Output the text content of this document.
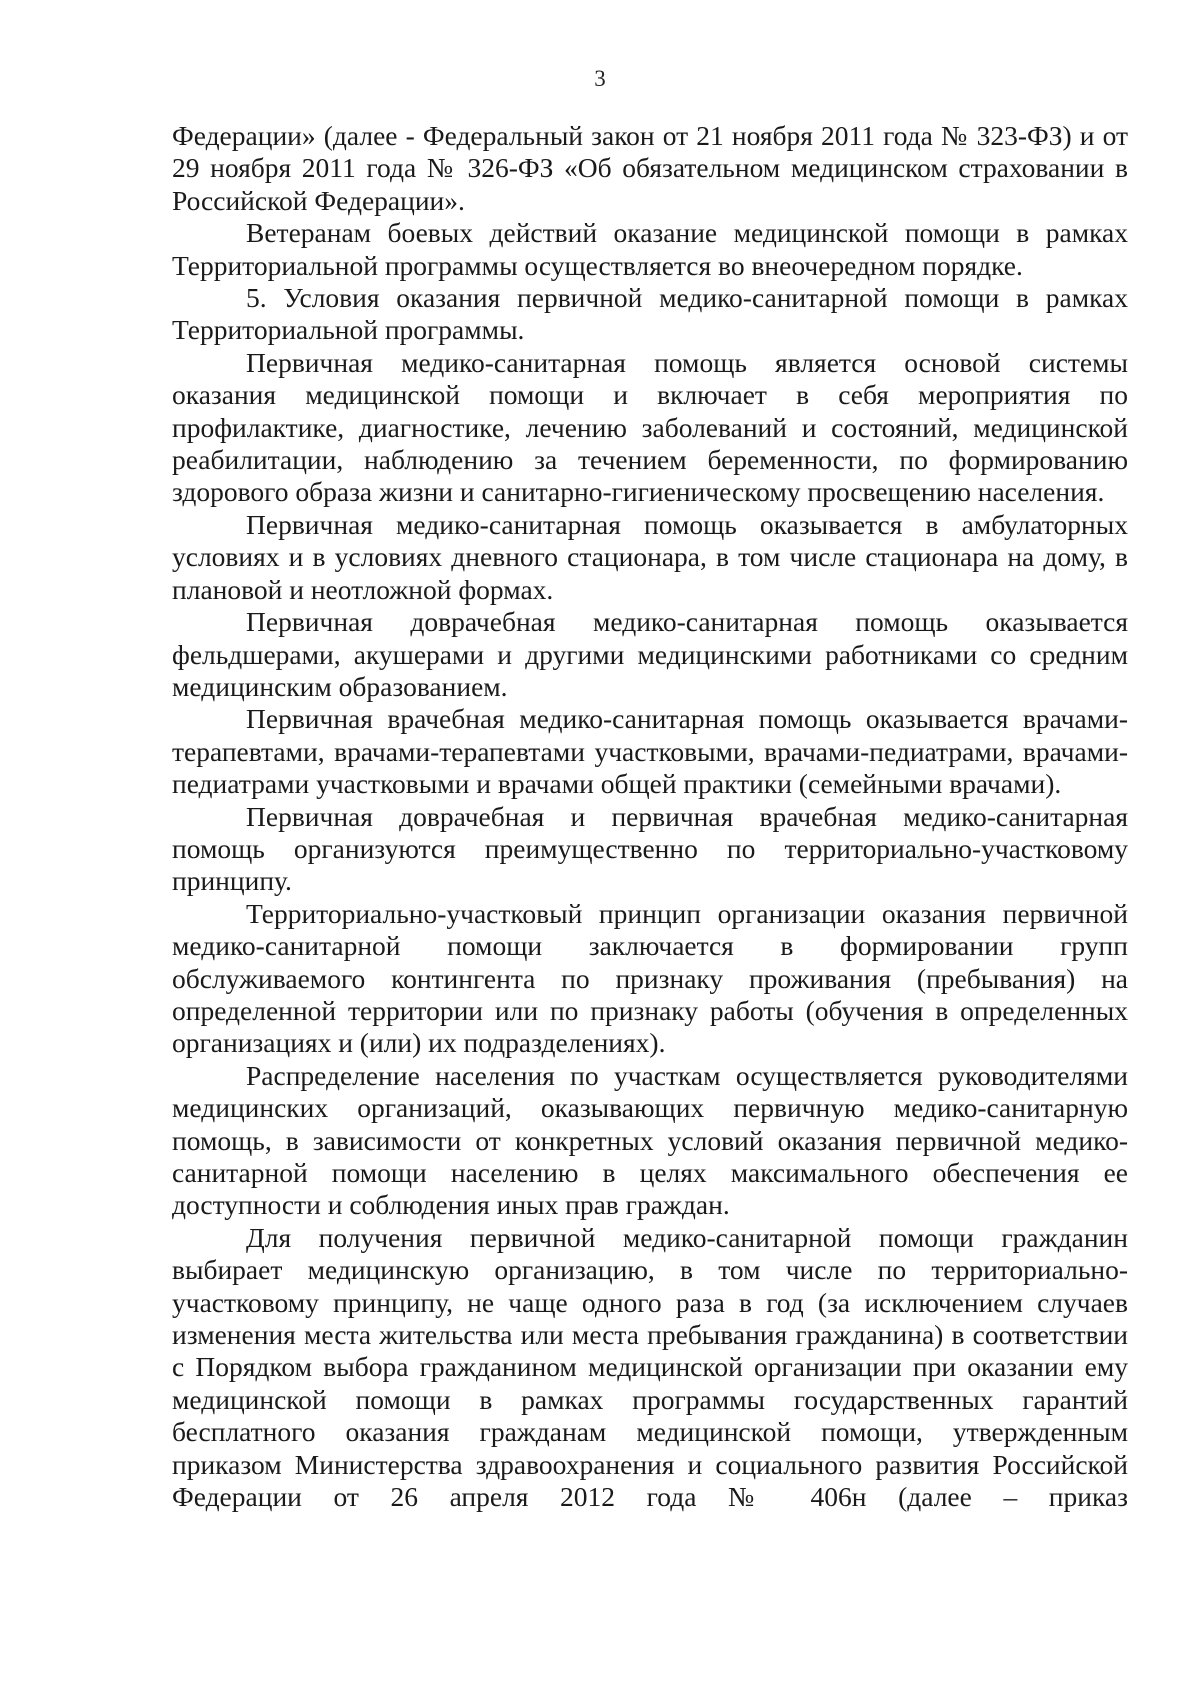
3

Федерации» (далее - Федеральный закон от 21 ноября 2011 года № 323-ФЗ) и от 29 ноября 2011 года № 326-ФЗ «Об обязательном медицинском страховании в Российской Федерации».

Ветеранам боевых действий оказание медицинской помощи в рамках Территориальной программы осуществляется во внеочередном порядке.

5. Условия оказания первичной медико-санитарной помощи в рамках Территориальной программы.

Первичная медико-санитарная помощь является основой системы оказания медицинской помощи и включает в себя мероприятия по профилактике, диагностике, лечению заболеваний и состояний, медицинской реабилитации, наблюдению за течением беременности, по формированию здорового образа жизни и санитарно-гигиеническому просвещению населения.

Первичная медико-санитарная помощь оказывается в амбулаторных условиях и в условиях дневного стационара, в том числе стационара на дому, в плановой и неотложной формах.

Первичная доврачебная медико-санитарная помощь оказывается фельдшерами, акушерами и другими медицинскими работниками со средним медицинским образованием.

Первичная врачебная медико-санитарная помощь оказывается врачами-терапевтами, врачами-терапевтами участковыми, врачами-педиатрами, врачами-педиатрами участковыми и врачами общей практики (семейными врачами).

Первичная доврачебная и первичная врачебная медико-санитарная помощь организуются преимущественно по территориально-участковому принципу.

Территориально-участковый принцип организации оказания первичной медико-санитарной помощи заключается в формировании групп обслуживаемого контингента по признаку проживания (пребывания) на определенной территории или по признаку работы (обучения в определенных организациях и (или) их подразделениях).

Распределение населения по участкам осуществляется руководителями медицинских организаций, оказывающих первичную медико-санитарную помощь, в зависимости от конкретных условий оказания первичной медико-санитарной помощи населению в целях максимального обеспечения ее доступности и соблюдения иных прав граждан.

Для получения первичной медико-санитарной помощи гражданин выбирает медицинскую организацию, в том числе по территориально-участковому принципу, не чаще одного раза в год (за исключением случаев изменения места жительства или места пребывания гражданина) в соответствии с Порядком выбора гражданином медицинской организации при оказании ему медицинской помощи в рамках программы государственных гарантий бесплатного оказания гражданам медицинской помощи, утвержденным приказом Министерства здравоохранения и социального развития Российской Федерации от 26 апреля 2012 года № 406н (далее – приказ
